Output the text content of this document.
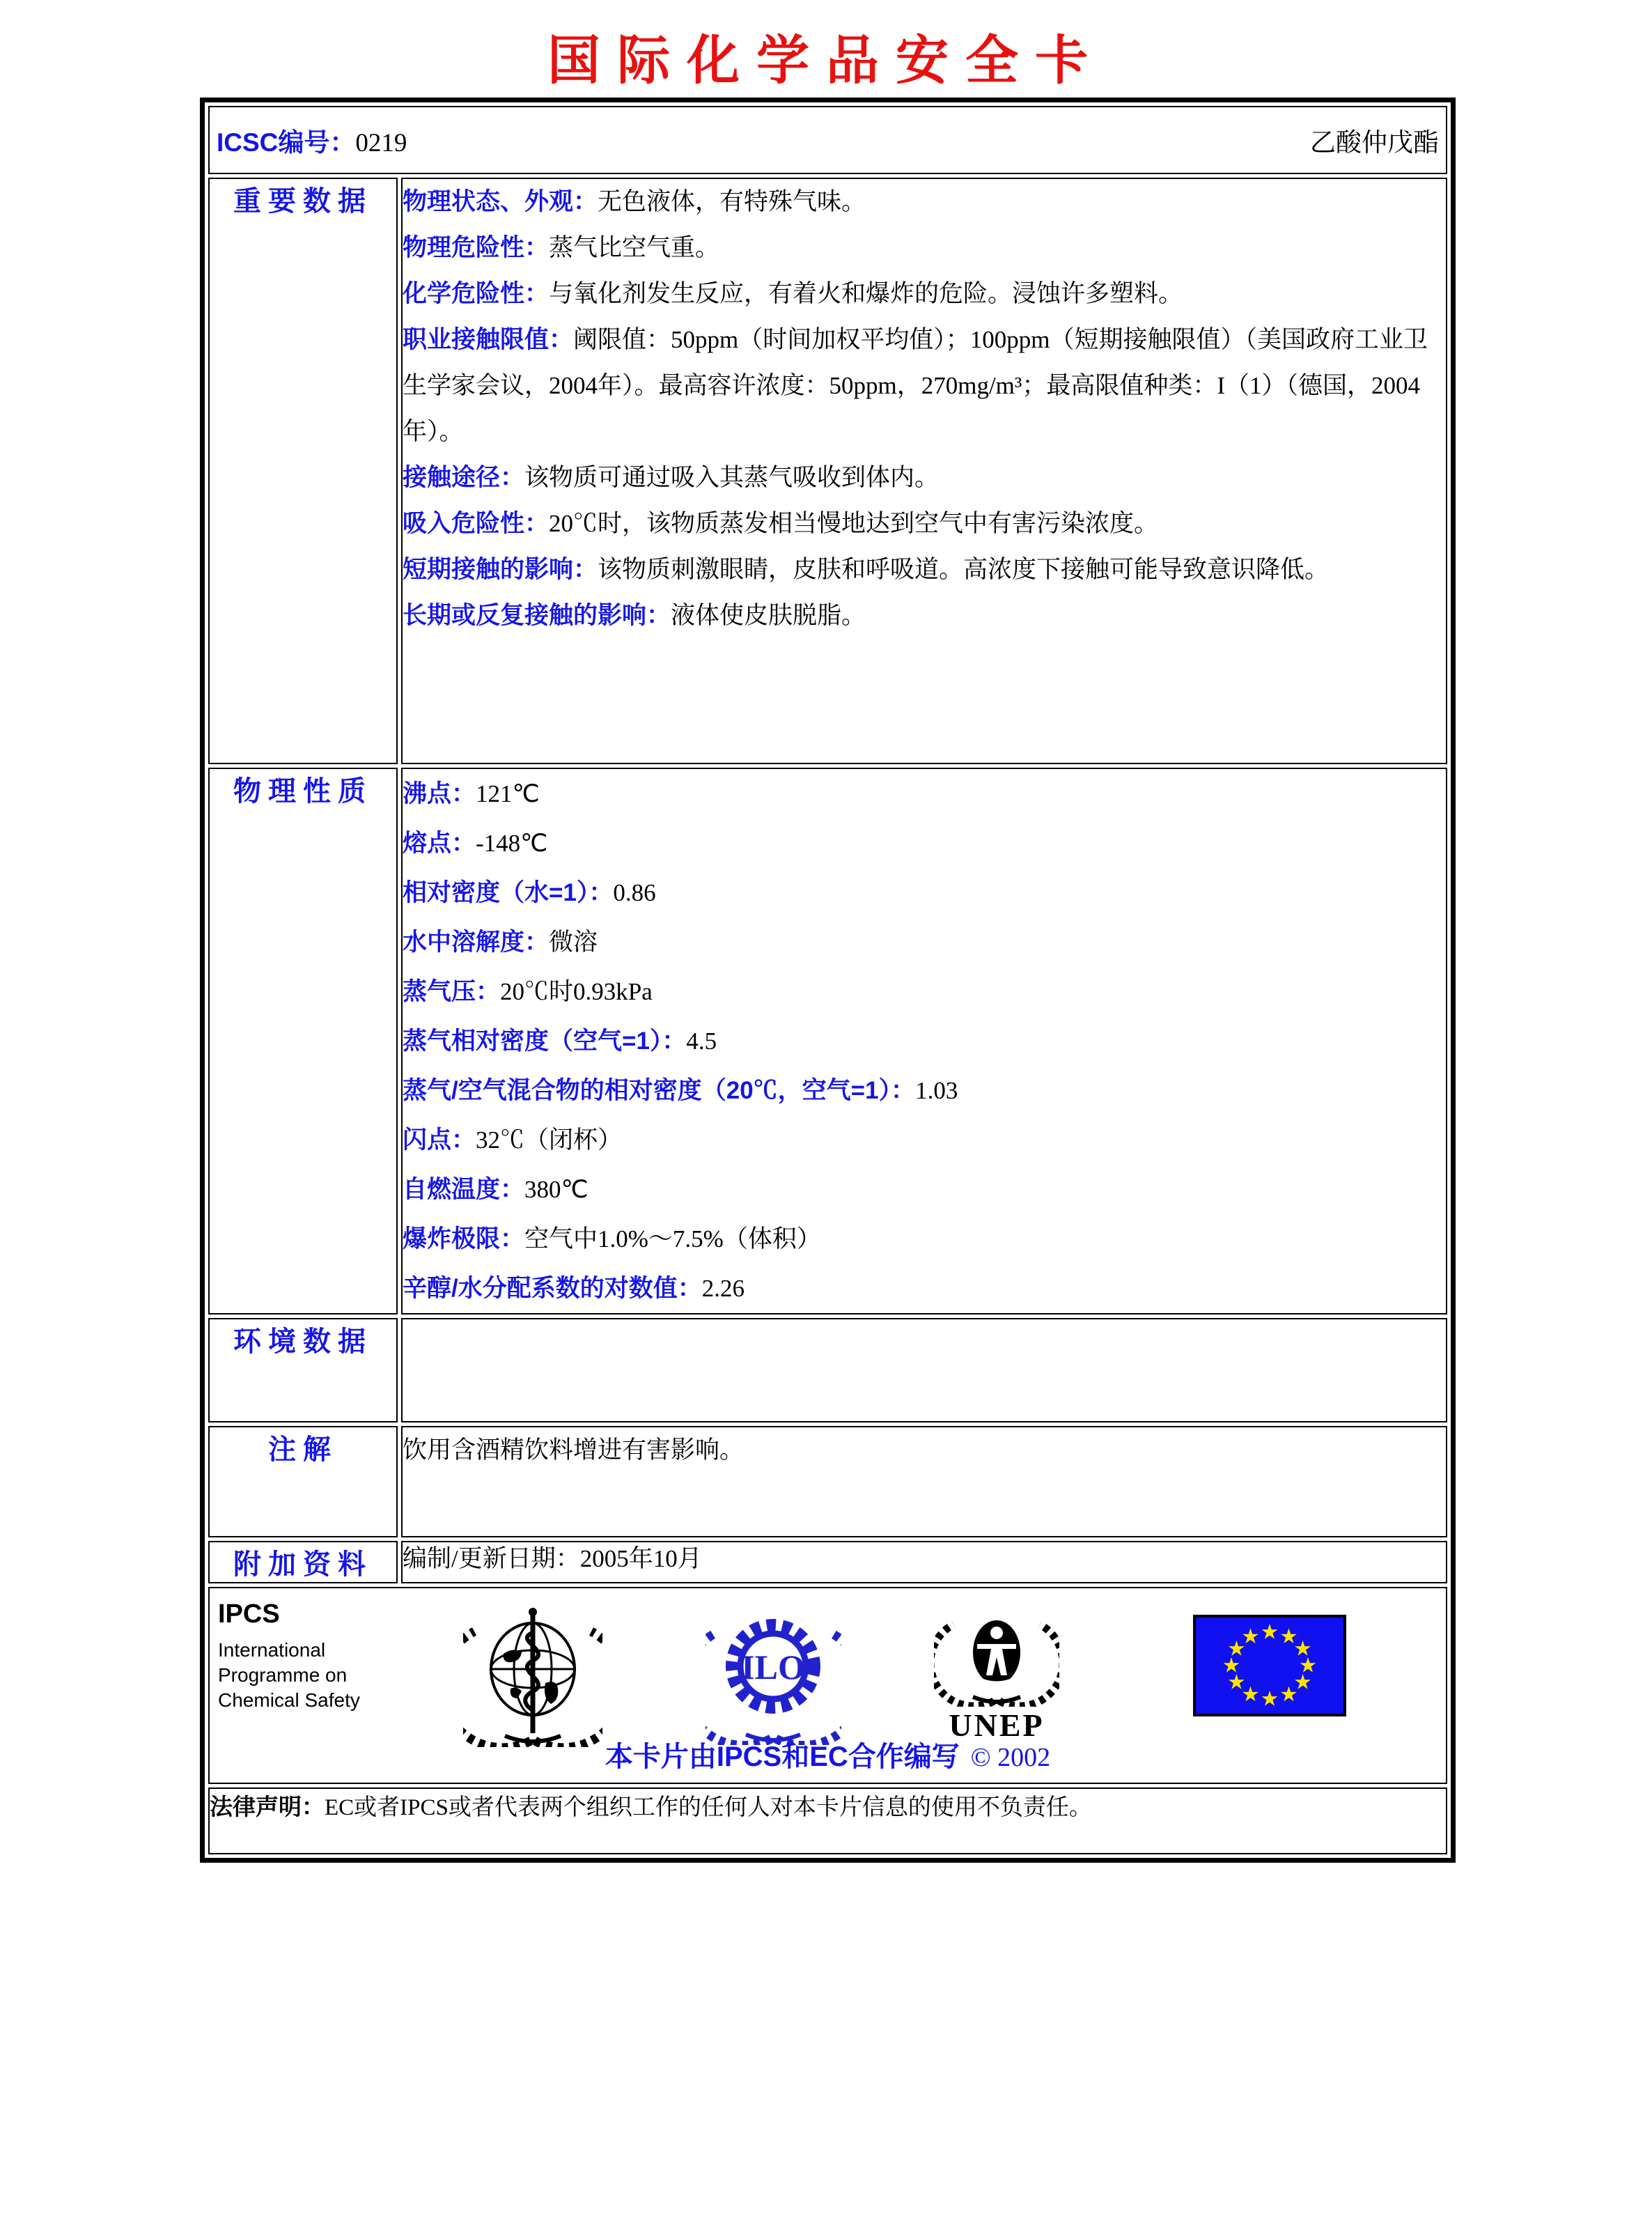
国际化学品安全卡
ICSC编号：0219 乙酸仲戊酯	

重要数据	物理状态、外观：无色液体，有特殊气味。

物理危险性：蒸气比空气重。

化学危险性：与氧化剂发生反应，有着火和爆炸的危险。浸蚀许多塑料。

职业接触限值：阈限值：50ppm（时间加权平均值）；100ppm（短期接触限值）（美国政府工业卫生学家会议，2004年）。最高容许浓度：50ppm，270mg/m³；最高限值种类：I（1）（德国，2004年）。

接触途径：该物质可通过吸入其蒸气吸收到体内。

吸入危险性：20℃时，该物质蒸发相当慢地达到空气中有害污染浓度。

短期接触的影响：该物质刺激眼睛，皮肤和呼吸道。高浓度下接触可能导致意识降低。

长期或反复接触的影响：液体使皮肤脱脂。

物理性质	沸点：121℃
熔点：-148℃
相对密度（水=1）：0.86
水中溶解度：微溶
蒸气压：20℃时0.93kPa
蒸气相对密度（空气=1）：4.5
蒸气/空气混合物的相对密度（20℃，空气=1）：1.03
闪点：32℃（闭杯）
自燃温度：380℃
爆炸极限：空气中1.0%～7.5%（体积）
辛醇/水分配系数的对数值：2.26

环境数据	
注解	饮用含酒精饮料增进有害影响。

附加资料	编制/更新日期：2005年10月

IPCS
International
Programme on
Chemical Safety
ILO
UNEP
本卡片由IPCS和EC合作编写 © 2002

法律声明：EC或者IPCS或者代表两个组织工作的任何人对本卡片信息的使用不负责任。	
